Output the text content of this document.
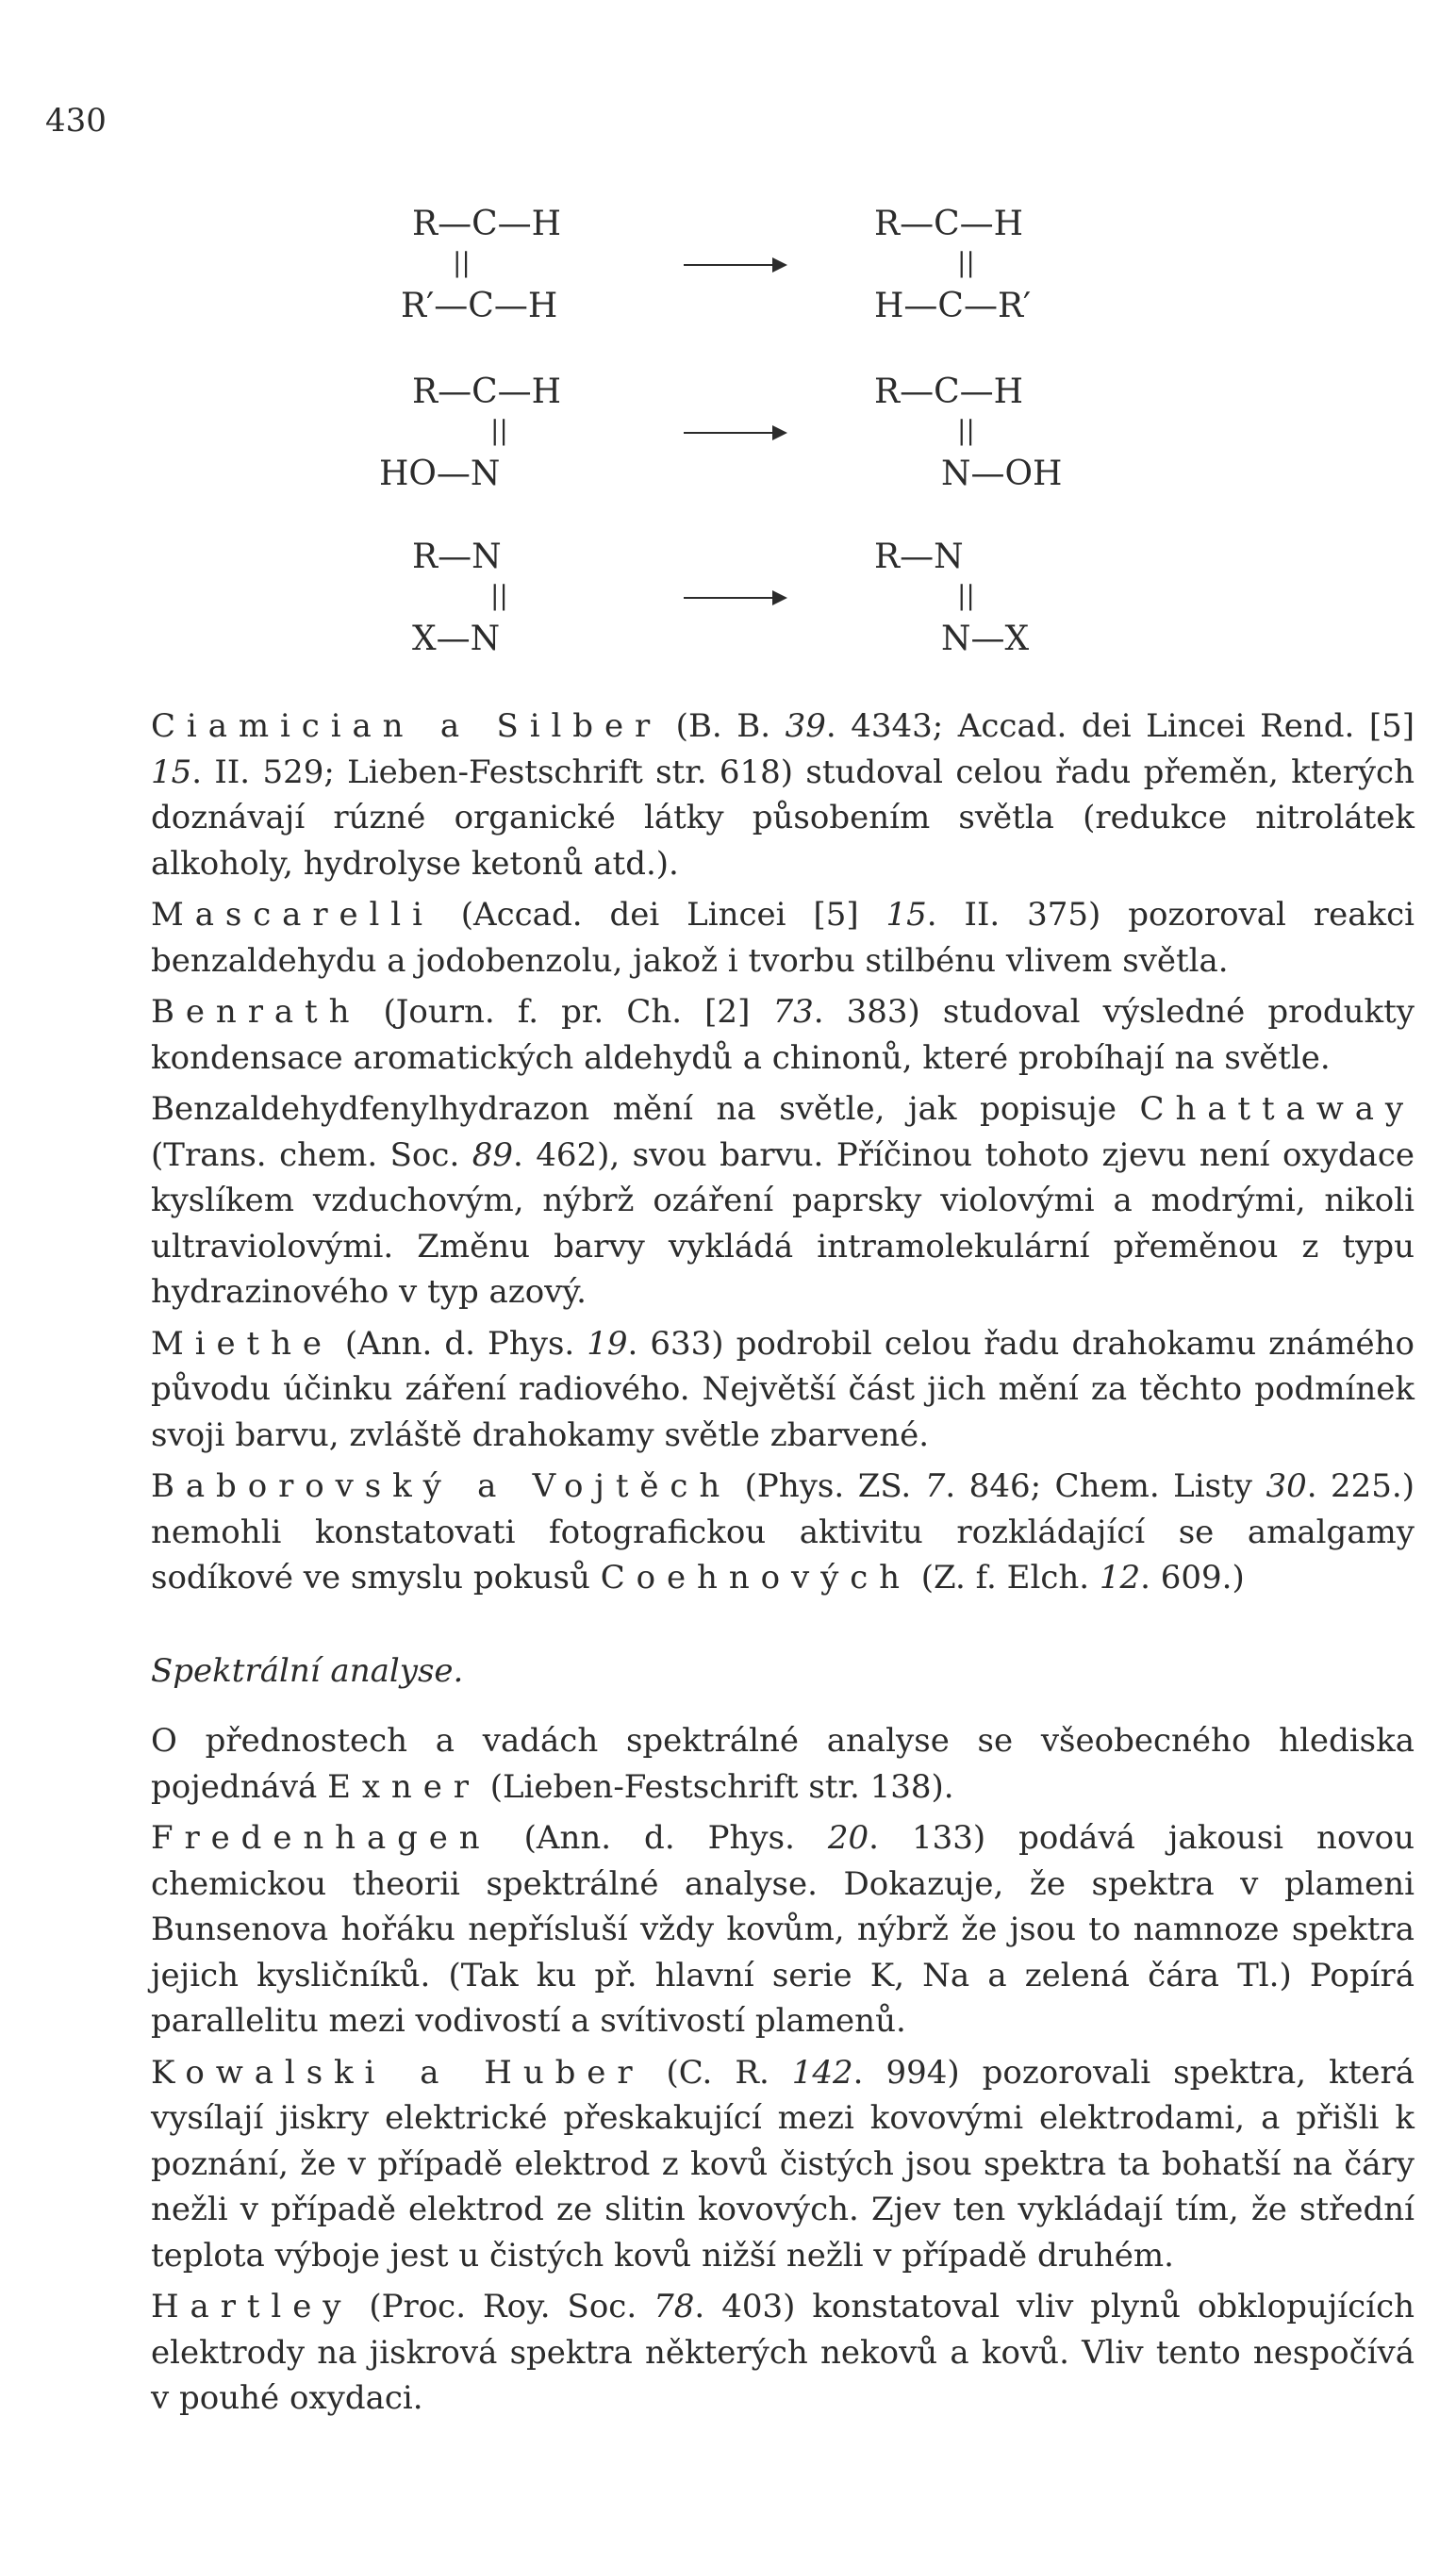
430
R—C—H
||
R′—C—H
R—C—H
||
H—C—R′
R—C—H
||
HO—N
R—C—H
||
N—OH
R—N
||
X—N
R—N
||
N—X

Ciamician a Silber (B. B. 39. 4343; Accad. dei Lincei Rend. [5] 15. II. 529; Lieben-Festschrift str. 618) studoval celou řadu přeměn, kterých doznávají rúzné organické látky působením světla (redukce nitrolátek alkoholy, hydrolyse ketonů atd.).

Mascarelli (Accad. dei Lincei [5] 15. II. 375) pozoroval reakci benzaldehydu a jodobenzolu, jakož i tvorbu stilbénu vlivem světla.

Benrath (Journ. f. pr. Ch. [2] 73. 383) studoval výsledné produkty kondensace aromatických aldehydů a chinonů, které probíhají na světle.

Benzaldehydfenylhydrazon mění na světle, jak popisuje Chattaway (Trans. chem. Soc. 89. 462), svou barvu. Příčinou tohoto zjevu není oxydace kyslíkem vzduchovým, nýbrž ozáření paprsky violovými a modrými, nikoli ultraviolovými. Změnu barvy vykládá intramolekulární přeměnou z typu hydrazinového v typ azový.

Miethe (Ann. d. Phys. 19. 633) podrobil celou řadu drahokamu známého původu účinku záření radiového. Největší část jich mění za těchto podmínek svoji barvu, zvláště drahokamy světle zbarvené.

Baborovský a Vojtěch (Phys. ZS. 7. 846; Chem. Listy 30. 225.) nemohli konstatovati fotografickou aktivitu rozkládající se amalgamy sodíkové ve smyslu pokusů Coehnových (Z. f. Elch. 12. 609.)

Spektrální analyse.

O přednostech a vadách spektrálné analyse se všeobecného hlediska pojednává Exner (Lieben-Festschrift str. 138).

Fredenhagen (Ann. d. Phys. 20. 133) podává jakousi novou chemickou theorii spektrálné analyse. Dokazuje, že spektra v plameni Bunsenova hořáku nepřísluší vždy kovům, nýbrž že jsou to namnoze spektra jejich kysličníků. (Tak ku př. hlavní serie K, Na a zelená čára Tl.) Popírá parallelitu mezi vodivostí a svítivostí plamenů.

Kowalski a Huber (C. R. 142. 994) pozorovali spektra, která vysílají jiskry elektrické přeskakující mezi kovovými elektrodami, a přišli k poznání, že v případě elektrod z kovů čistých jsou spektra ta bohatší na čáry nežli v případě elektrod ze slitin kovových. Zjev ten vykládají tím, že střední teplota výboje jest u čistých kovů nižší nežli v případě druhém.

Hartley (Proc. Roy. Soc. 78. 403) konstatoval vliv plynů obklopujících elektrody na jiskrová spektra některých nekovů a kovů. Vliv tento nespočívá v pouhé oxydaci.
